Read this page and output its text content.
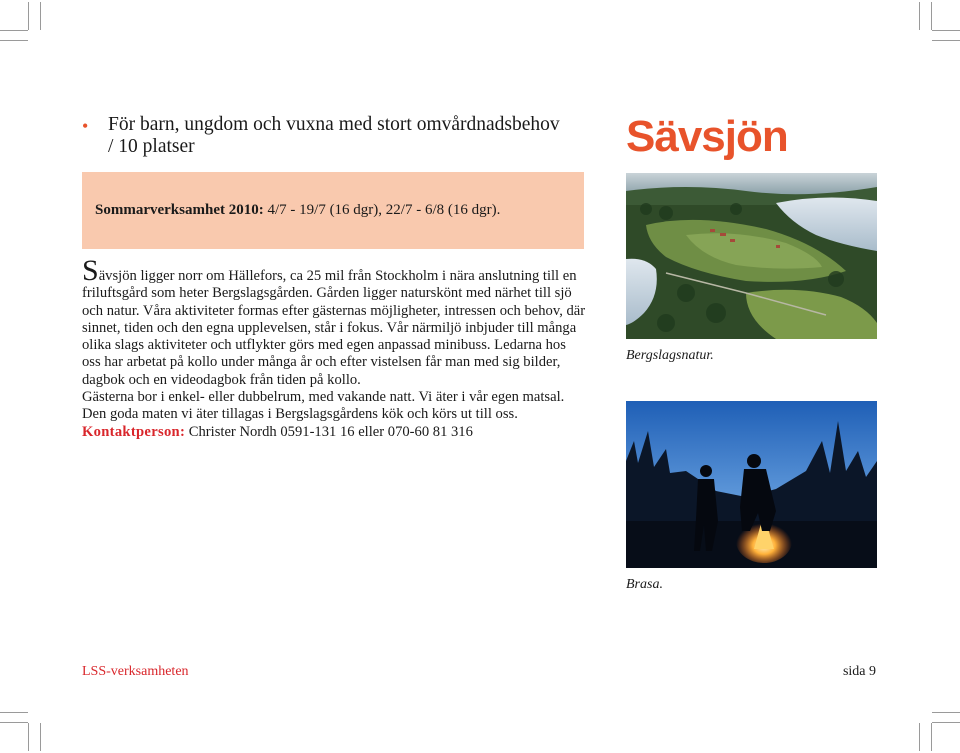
• För barn, ungdom och vuxna med stort omvårdnadsbehov / 10 platser	Sävsjön
Sommarverksamhet 2010: 4/7 - 19/7 (16 dgr), 22/7 - 6/8 (16 dgr).

Sävsjön ligger norr om Hällefors, ca 25 mil från Stockholm i nära anslutning till en friluftsgård som heter Bergslagsgården. Gården ligger naturskönt med närhet till sjö och natur. Våra aktiviteter formas efter gästernas möjligheter, intressen och behov, där sinnet, tiden och den egna upplevelsen, står i fokus. Vår närmiljö inbjuder till många olika slags aktiviteter och utflykter görs med egen anpassad minibuss. Ledarna hos oss har arbetat på kollo under många år och efter vistelsen får man med sig bilder, dagbok och en videodagbok från tiden på kollo.

Gästerna bor i enkel- eller dubbelrum, med vakande natt. Vi äter i vår egen matsal.

Den goda maten vi äter tillagas i Bergslagsgårdens kök och körs ut till oss.

Kontaktperson: Christer Nordh 0591-131 16 eller 070-60 81 316

Bergslagsnatur.
Brasa.
LSS-verksamheten	sida 9
